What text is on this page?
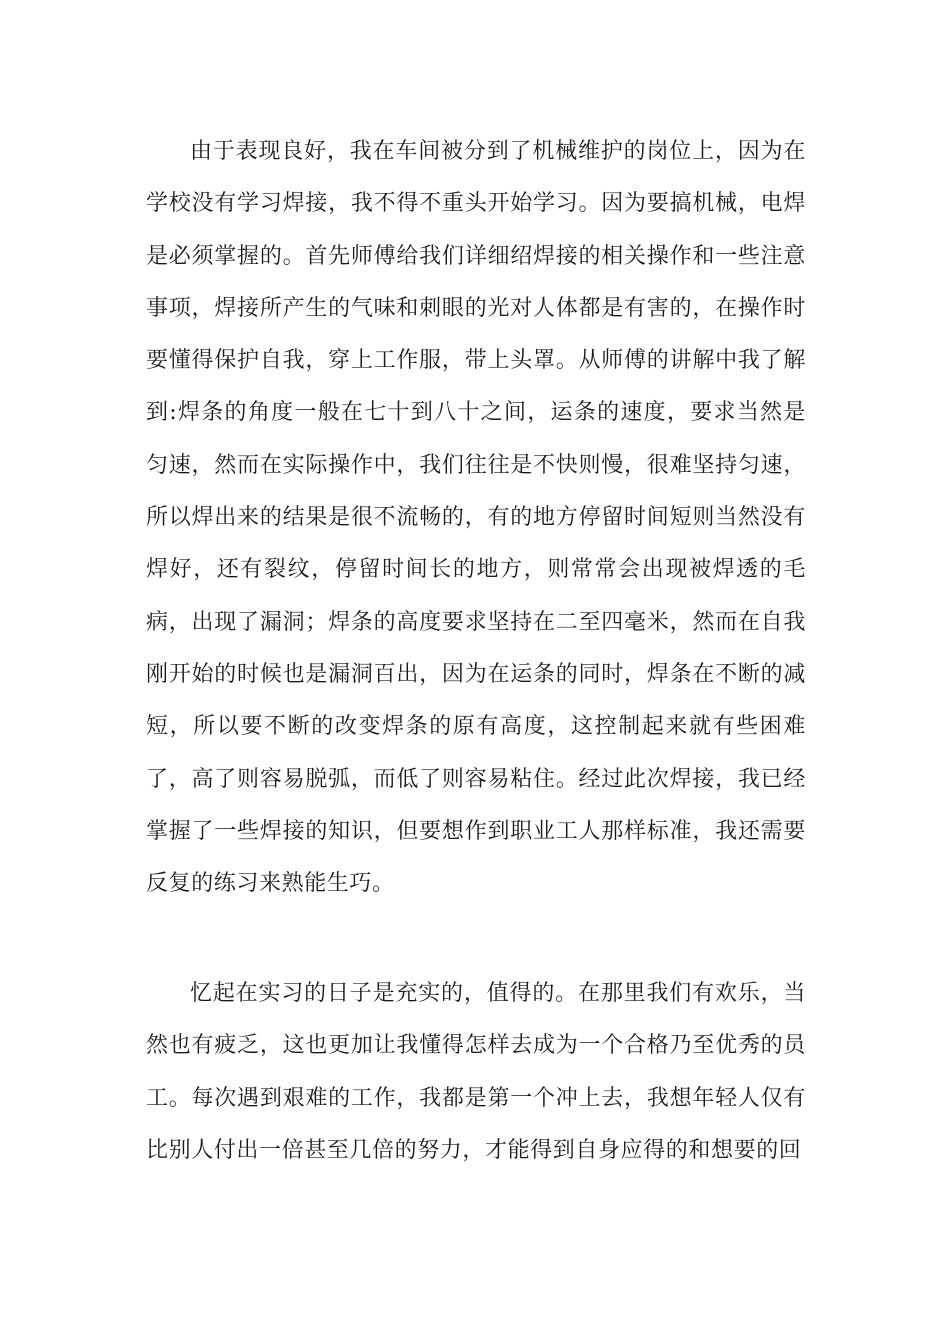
由于表现良好，我在车间被分到了机械维护的岗位上，因为在学校没有学习焊接，我不得不重头开始学习。因为要搞机械，电焊是必须掌握的。首先师傅给我们详细绍焊接的相关操作和一些注意事项，焊接所产生的气味和刺眼的光对人体都是有害的，在操作时要懂得保护自我，穿上工作服，带上头罩。从师傅的讲解中我了解到:焊条的角度一般在七十到八十之间，运条的速度，要求当然是匀速，然而在实际操作中，我们往往是不快则慢，很难坚持匀速，所以焊出来的结果是很不流畅的，有的地方停留时间短则当然没有焊好，还有裂纹，停留时间长的地方，则常常会出现被焊透的毛病，出现了漏洞；焊条的高度要求坚持在二至四毫米，然而在自我刚开始的时候也是漏洞百出，因为在运条的同时，焊条在不断的减短，所以要不断的改变焊条的原有高度，这控制起来就有些困难了，高了则容易脱弧，而低了则容易粘住。经过此次焊接，我已经掌握了一些焊接的知识，但要想作到职业工人那样标准，我还需要反复的练习来熟能生巧。

忆起在实习的日子是充实的，值得的。在那里我们有欢乐，当然也有疲乏，这也更加让我懂得怎样去成为一个合格乃至优秀的员工。每次遇到艰难的工作，我都是第一个冲上去，我想年轻人仅有比别人付出一倍甚至几倍的努力，才能得到自身应得的和想要的回
